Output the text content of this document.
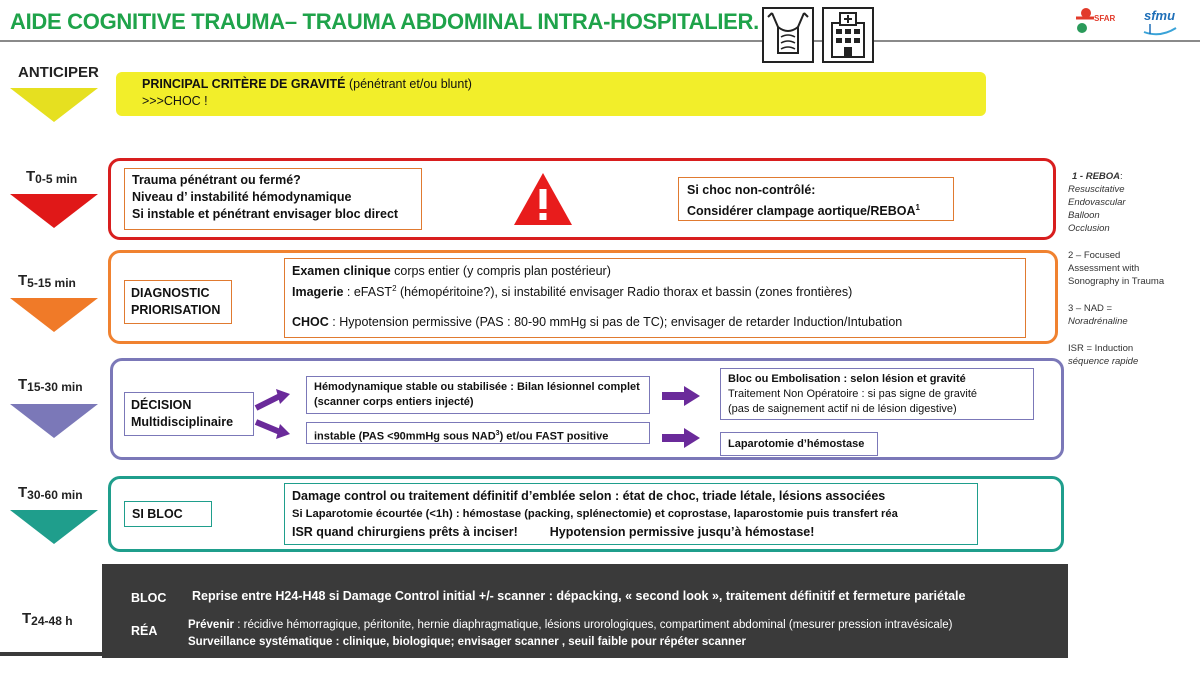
AIDE COGNITIVE TRAUMA– TRAUMA ABDOMINAL INTRA-HOSPITALIER.	SFAR sfmu
ANTICIPER
PRINCIPAL CRITÈRE DE GRAVITÉ (pénétrant et/ou blunt)
>>>CHOC !
$T_{0-5 min}$	Trauma pénétrant ou fermé?
Niveau d’ instabilité hémodynamique
Si instable et pénétrant envisager bloc direct
Si choc non-contrôlé:
Considérer clampage aortique/REBOA$^1$
$T_{5-15 min}$
DIAGNOSTIC
PRIORISATION
Examen clinique corps entier (y compris plan postérieur)
Imagerie : eFAST$^2$ (hémopéritoine?), si instabilité envisager Radio thorax et bassin (zones frontières)
CHOC : Hypotension permissive (PAS : 80-90 mmHg si pas de TC); envisager de retarder Induction/Intubation
$T_{15-30 min}$
DÉCISION
Multidisciplinaire
Hémodynamique stable ou stabilisée : Bilan lésionnel complet
(scanner corps entiers injecté)
instable (PAS <90mmHg sous NAD$^3$) et/ou FAST positive
Bloc ou Embolisation : selon lésion et gravité
Traitement Non Opératoire : si pas signe de gravité
(pas de saignement actif ni de lésion digestive)
Laparotomie d’hémostase
$T_{30-60 min}$
SI BLOC
Damage control ou traitement définitif d’emblée selon : état de choc, triade létale, lésions associées
Si Laparotomie écourtée (<1h) : hémostase (packing, splénectomie) et coprostase, laparostomie puis transfert réa
ISR quand chirurgiens prêts à inciser!	Hypotension permissive jusqu’à hémostase!
$T_{24-48 h}$
BLOC Reprise entre H24-H48 si Damage Control initial +/- scanner : dépacking, « second look », traitement définitif et fermeture pariétale
RÉA	Prévenir : récidive hémorragique, péritonite, hernie diaphragmatique, lésions urorologiques, compartiment abdominal (mesurer pression intravésicale)
Surveillance systématique : clinique, biologique; envisager scanner , seuil faible pour répéter scanner
1 - REBOA:
Resuscitative
Endovascular
Balloon
Occlusion
2 – Focused
Assessment with
Sonography in Trauma
3 – NAD =
Noradrénaline
ISR = Induction
séquence rapide
